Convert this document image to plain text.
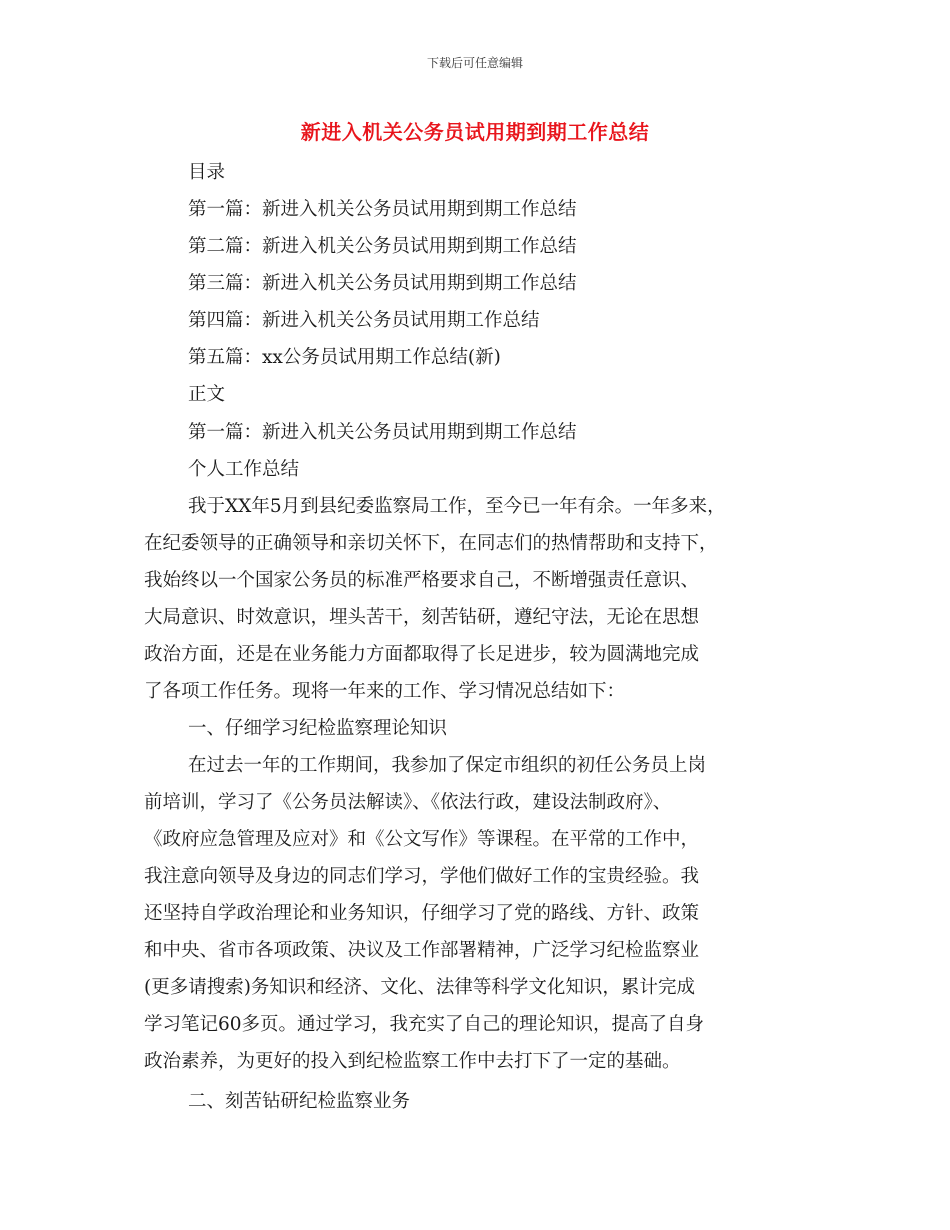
下载后可任意编辑
新进入机关公务员试用期到期工作总结
目录
第一篇：新进入机关公务员试用期到期工作总结
第二篇：新进入机关公务员试用期到期工作总结
第三篇：新进入机关公务员试用期到期工作总结
第四篇：新进入机关公务员试用期工作总结
第五篇：xx公务员试用期工作总结(新)
正文
第一篇：新进入机关公务员试用期到期工作总结
个人工作总结
我于XX年5月到县纪委监察局工作，至今已一年有余。一年多来，
在纪委领导的正确领导和亲切关怀下，在同志们的热情帮助和支持下，
我始终以一个国家公务员的标准严格要求自己，不断增强责任意识、
大局意识、时效意识，埋头苦干，刻苦钻研，遵纪守法，无论在思想
政治方面，还是在业务能力方面都取得了长足进步，较为圆满地完成
了各项工作任务。现将一年来的工作、学习情况总结如下：
一、仔细学习纪检监察理论知识
在过去一年的工作期间，我参加了保定市组织的初任公务员上岗
前培训，学习了《公务员法解读》、《依法行政，建设法制政府》、
《政府应急管理及应对》和《公文写作》等课程。在平常的工作中，
我注意向领导及身边的同志们学习，学他们做好工作的宝贵经验。我
还坚持自学政治理论和业务知识，仔细学习了党的路线、方针、政策
和中央、省市各项政策、决议及工作部署精神，广泛学习纪检监察业
(更多请搜索)务知识和经济、文化、法律等科学文化知识，累计完成
学习笔记60多页。通过学习，我充实了自己的理论知识，提高了自身
政治素养，为更好的投入到纪检监察工作中去打下了一定的基础。
二、刻苦钻研纪检监察业务
